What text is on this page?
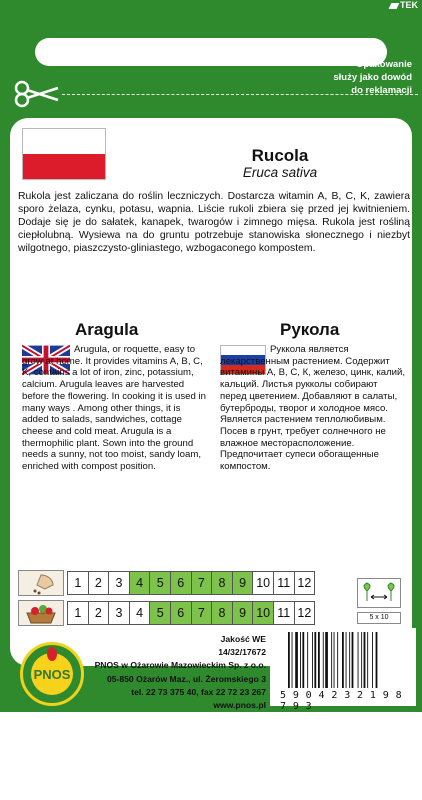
TEK
Opakowanie
służy jako dowód
do reklamacji
Rucola
Eruca sativa
Rukola jest zaliczana do roślin leczniczych. Dostarcza witamin A, B, C, K, zawiera sporo żelaza, cynku, potasu, wapnia. Liście rukoli zbiera się przed jej kwitnieniem. Dodaje się je do sałatek, kanapek, twarogów i zimnego mięsa. Rukola jest rośliną ciepłolubną. Wysiewa na do gruntu potrzebuje stanowiska słonecznego i niezbyt wilgotnego, piaszczysto-gliniastego, wzbogaconego kompostem.
Aragula	Рукола
Arugula, or roquette, easy to grow at home. It provides vitamins A, B, C, K, contains a lot of iron, zinc, potassium, calcium. Arugula leaves are harvested before the flowering. In cooking it is used in many ways . Among other things, it is added to salads, sandwiches, cottage cheese and cold meat. Arugula is a thermophilic plant. Sown into the ground needs a sunny, not too moist, sandy loam, enriched with compost position.
Руккола является лекарственным растением. Содержит витамины А, В, С, К, железо, цинк, калий, кальций. Листья рукколы собирают перед цветением. Добавляют в салаты, бутерброды, творог и холодное мясо. Является растением теплолюбивым. Посев в грунт, требует солнечного не влажное месторасположение. Предпочитает супеси обогащенные компостом.
1	2	3	4	5	6	7	8	9 10 11 12
1	2	3	4	5	6	7	8	9 10 11 12	5 x 10
PNOS
Jakość WE
14/32/17672
PNOS w Ożarowie Mazowieckim Sp. z o.o.
05-850 Ożarów Maz., ul. Żeromskiego 3
tel. 22 73 375 40, fax 22 72 23 267
www.pnos.pl
5 9 0 4 2 3 2 1 9 8 7 9 3
